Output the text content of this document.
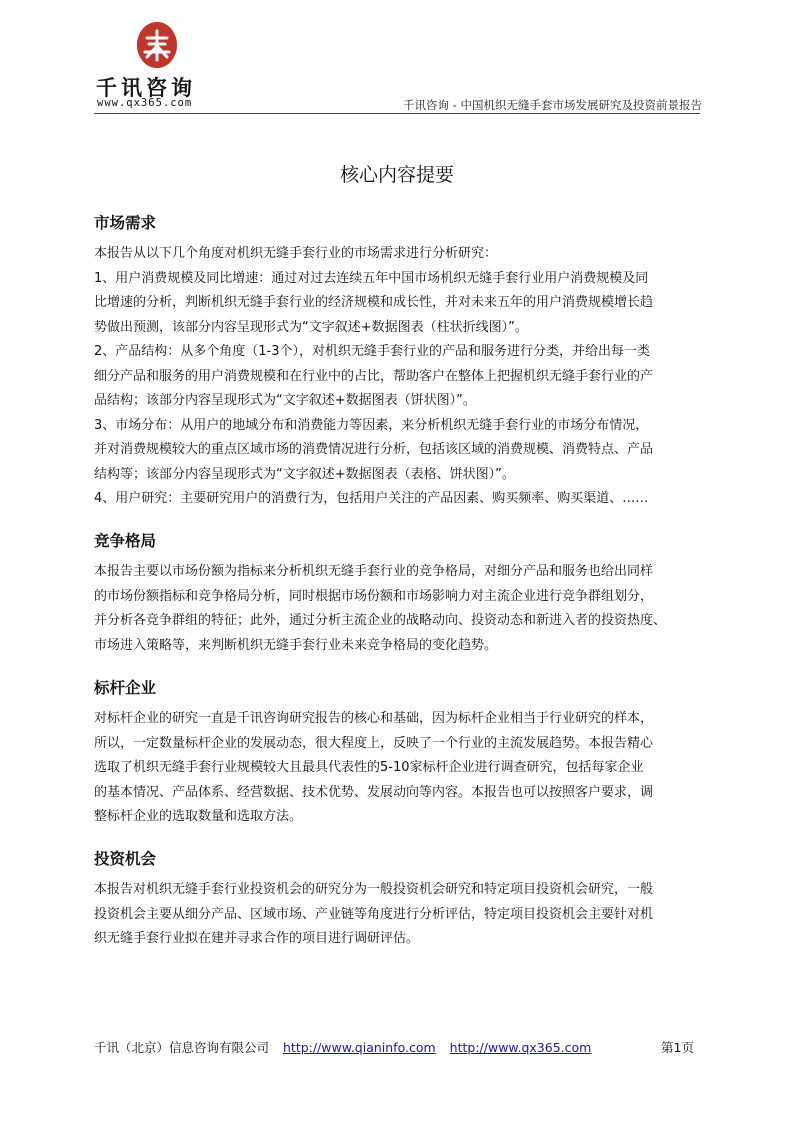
千讯咨询
www.qx365.com	千讯咨询 - 中国机织无缝手套市场发展研究及投资前景报告
核心内容提要
市场需求
本报告从以下几个角度对机织无缝手套行业的市场需求进行分析研究：
1、用户消费规模及同比增速：通过对过去连续五年中国市场机织无缝手套行业用户消费规模及同
比增速的分析，判断机织无缝手套行业的经济规模和成长性，并对未来五年的用户消费规模增长趋
势做出预测，该部分内容呈现形式为“文字叙述+数据图表（柱状折线图）”。
2、产品结构：从多个角度（1-3个），对机织无缝手套行业的产品和服务进行分类，并给出每一类
细分产品和服务的用户消费规模和在行业中的占比，帮助客户在整体上把握机织无缝手套行业的产
品结构；该部分内容呈现形式为“文字叙述+数据图表（饼状图）”。
3、市场分布：从用户的地域分布和消费能力等因素，来分析机织无缝手套行业的市场分布情况，
并对消费规模较大的重点区域市场的消费情况进行分析，包括该区域的消费规模、消费特点、产品
结构等；该部分内容呈现形式为“文字叙述+数据图表（表格、饼状图）”。
4、用户研究：主要研究用户的消费行为，包括用户关注的产品因素、购买频率、购买渠道、……
竞争格局
本报告主要以市场份额为指标来分析机织无缝手套行业的竞争格局，对细分产品和服务也给出同样
的市场份额指标和竞争格局分析，同时根据市场份额和市场影响力对主流企业进行竞争群组划分，
并分析各竞争群组的特征；此外，通过分析主流企业的战略动向、投资动态和新进入者的投资热度、
市场进入策略等，来判断机织无缝手套行业未来竞争格局的变化趋势。
标杆企业
对标杆企业的研究一直是千讯咨询研究报告的核心和基础，因为标杆企业相当于行业研究的样本，
所以，一定数量标杆企业的发展动态，很大程度上，反映了一个行业的主流发展趋势。本报告精心
选取了机织无缝手套行业规模较大且最具代表性的5-10家标杆企业进行调查研究，包括每家企业
的基本情况、产品体系、经营数据、技术优势、发展动向等内容。本报告也可以按照客户要求，调
整标杆企业的选取数量和选取方法。
投资机会
本报告对机织无缝手套行业投资机会的研究分为一般投资机会研究和特定项目投资机会研究，一般
投资机会主要从细分产品、区域市场、产业链等角度进行分析评估，特定项目投资机会主要针对机
织无缝手套行业拟在建并寻求合作的项目进行调研评估。
千讯（北京）信息咨询有限公司 http://www.qianinfo.com http://www.qx365.com	第1页
